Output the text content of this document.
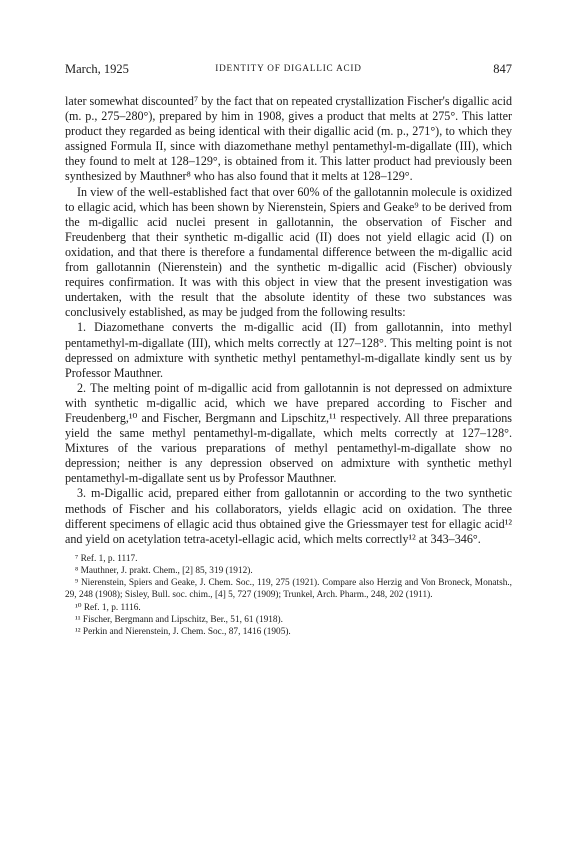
March, 1925	IDENTITY OF DIGALLIC ACID	847

later somewhat discounted⁷ by the fact that on repeated crystallization Fischer's digallic acid (m. p., 275–280°), prepared by him in 1908, gives a product that melts at 275°. This latter product they regarded as being identical with their digallic acid (m. p., 271°), to which they assigned Formula II, since with diazomethane methyl pentamethyl-m-digallate (III), which they found to melt at 128–129°, is obtained from it. This latter product had previously been synthesized by Mauthner⁸ who has also found that it melts at 128–129°.

In view of the well-established fact that over 60% of the gallotannin molecule is oxidized to ellagic acid, which has been shown by Nierenstein, Spiers and Geake⁹ to be derived from the m-digallic acid nuclei present in gallotannin, the observation of Fischer and Freudenberg that their synthetic m-digallic acid (II) does not yield ellagic acid (I) on oxidation, and that there is therefore a fundamental difference between the m-digallic acid from gallotannin (Nierenstein) and the synthetic m-digallic acid (Fischer) obviously requires confirmation. It was with this object in view that the present investigation was undertaken, with the result that the absolute identity of these two substances was conclusively established, as may be judged from the following results:

1. Diazomethane converts the m-digallic acid (II) from gallotannin, into methyl pentamethyl-m-digallate (III), which melts correctly at 127–128°. This melting point is not depressed on admixture with synthetic methyl pentamethyl-m-digallate kindly sent us by Professor Mauthner.

2. The melting point of m-digallic acid from gallotannin is not depressed on admixture with synthetic m-digallic acid, which we have prepared according to Fischer and Freudenberg,¹⁰ and Fischer, Bergmann and Lipschitz,¹¹ respectively. All three preparations yield the same methyl pentamethyl-m-digallate, which melts correctly at 127–128°. Mixtures of the various preparations of methyl pentamethyl-m-digallate show no depression; neither is any depression observed on admixture with synthetic methyl pentamethyl-m-digallate sent us by Professor Mauthner.

3. m-Digallic acid, prepared either from gallotannin or according to the two synthetic methods of Fischer and his collaborators, yields ellagic acid on oxidation. The three different specimens of ellagic acid thus obtained give the Griessmayer test for ellagic acid¹² and yield on acetylation tetra-acetyl-ellagic acid, which melts correctly¹² at 343–346°.

⁷ Ref. 1, p. 1117.

⁸ Mauthner, J. prakt. Chem., [2] 85, 319 (1912).

⁹ Nierenstein, Spiers and Geake, J. Chem. Soc., 119, 275 (1921). Compare also Herzig and Von Broneck, Monatsh., 29, 248 (1908); Sisley, Bull. soc. chim., [4] 5, 727 (1909); Trunkel, Arch. Pharm., 248, 202 (1911).

¹⁰ Ref. 1, p. 1116.

¹¹ Fischer, Bergmann and Lipschitz, Ber., 51, 61 (1918).

¹² Perkin and Nierenstein, J. Chem. Soc., 87, 1416 (1905).
